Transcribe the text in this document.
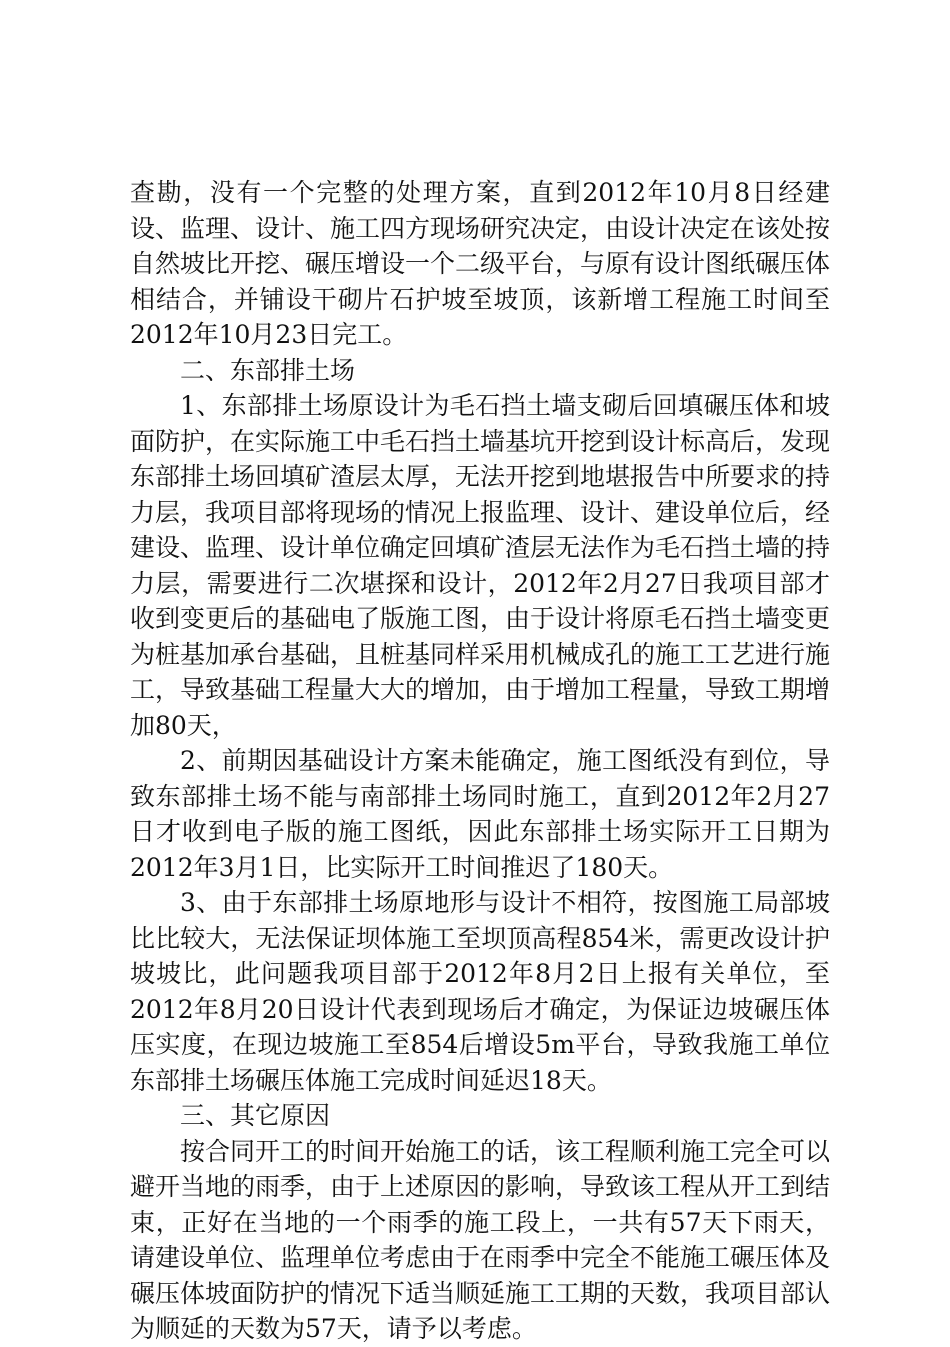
查勘，没有一个完整的处理方案，直到2012年10月8日经建设、监理、设计、施工四方现场研究决定，由设计决定在该处按自然坡比开挖、碾压增设一个二级平台，与原有设计图纸碾压体相结合，并铺设干砌片石护坡至坡顶，该新增工程施工时间至2012年10月23日完工。

二、东部排土场

1、东部排土场原设计为毛石挡土墙支砌后回填碾压体和坡面防护，在实际施工中毛石挡土墙基坑开挖到设计标高后，发现东部排土场回填矿渣层太厚，无法开挖到地堪报告中所要求的持力层，我项目部将现场的情况上报监理、设计、建设单位后，经建设、监理、设计单位确定回填矿渣层无法作为毛石挡土墙的持力层，需要进行二次堪探和设计，2012年2月27日我项目部才收到变更后的基础电了版施工图，由于设计将原毛石挡土墙变更为桩基加承台基础，且桩基同样采用机械成孔的施工工艺进行施工，导致基础工程量大大的增加，由于增加工程量，导致工期增加80天，

2、前期因基础设计方案未能确定，施工图纸没有到位，导致东部排土场不能与南部排土场同时施工，直到2012年2月27日才收到电子版的施工图纸，因此东部排土场实际开工日期为2012年3月1日，比实际开工时间推迟了180天。

3、由于东部排土场原地形与设计不相符，按图施工局部坡比比较大，无法保证坝体施工至坝顶高程854米，需更改设计护坡坡比，此问题我项目部于2012年8月2日上报有关单位，至2012年8月20日设计代表到现场后才确定，为保证边坡碾压体压实度，在现边坡施工至854后增设5m平台，导致我施工单位东部排土场碾压体施工完成时间延迟18天。

三、其它原因

按合同开工的时间开始施工的话，该工程顺利施工完全可以避开当地的雨季，由于上述原因的影响，导致该工程从开工到结束，正好在当地的一个雨季的施工段上，一共有57天下雨天，请建设单位、监理单位考虑由于在雨季中完全不能施工碾压体及碾压体坡面防护的情况下适当顺延施工工期的天数，我项目部认为顺延的天数为57天，请予以考虑。
